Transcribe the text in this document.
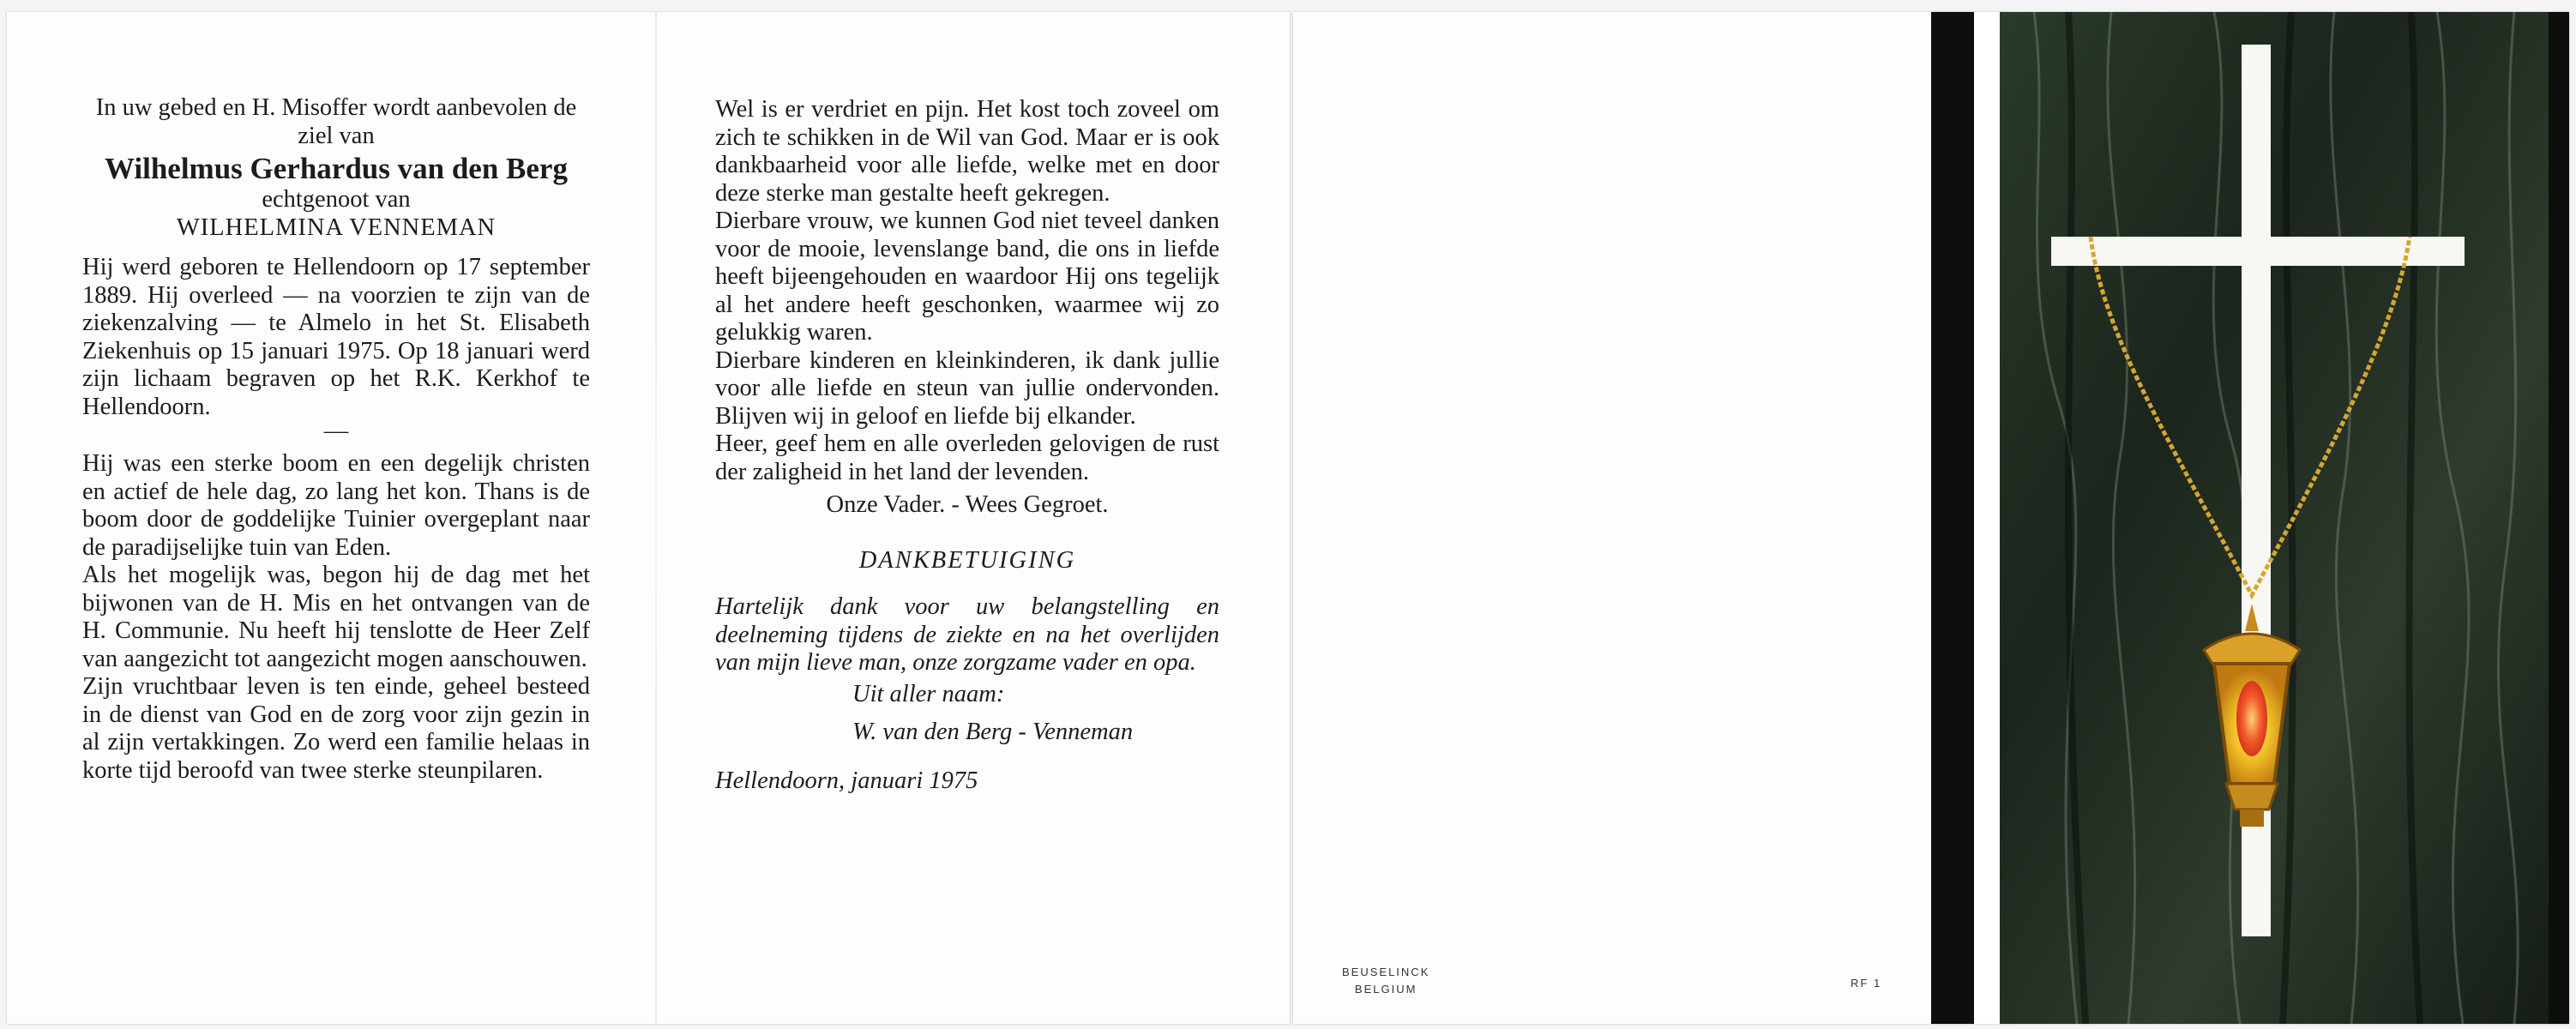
In uw gebed en H. Misoffer wordt aanbevolen de ziel van

Wilhelmus Gerhardus van den Berg

echtgenoot van

WILHELMINA VENNEMAN

Hij werd geboren te Hellendoorn op 17 september 1889. Hij overleed — na voorzien te zijn van de ziekenzalving — te Almelo in het St. Elisabeth Ziekenhuis op 15 januari 1975. Op 18 januari werd zijn lichaam begraven op het R.K. Kerkhof te Hellendoorn.

—

Hij was een sterke boom en een degelijk christen en actief de hele dag, zo lang het kon. Thans is de boom door de goddelijke Tuinier overgeplant naar de paradijselijke tuin van Eden.

Als het mogelijk was, begon hij de dag met het bijwonen van de H. Mis en het ontvangen van de H. Communie. Nu heeft hij tenslotte de Heer Zelf van aangezicht tot aangezicht mogen aanschouwen.

Zijn vruchtbaar leven is ten einde, geheel besteed in de dienst van God en de zorg voor zijn gezin in al zijn vertakkingen. Zo werd een familie helaas in korte tijd beroofd van twee sterke steunpilaren.

Wel is er verdriet en pijn. Het kost toch zoveel om zich te schikken in de Wil van God. Maar er is ook dankbaarheid voor alle liefde, welke met en door deze sterke man gestalte heeft gekregen.

Dierbare vrouw, we kunnen God niet teveel danken voor de mooie, levenslange band, die ons in liefde heeft bijeengehouden en waardoor Hij ons tegelijk al het andere heeft geschonken, waarmee wij zo gelukkig waren.

Dierbare kinderen en kleinkinderen, ik dank jullie voor alle liefde en steun van jullie ondervonden. Blijven wij in geloof en liefde bij elkander.

Heer, geef hem en alle overleden gelovigen de rust der zaligheid in het land der levenden.

Onze Vader. - Wees Gegroet.

DANKBETUIGING

Hartelijk dank voor uw belangstelling en deelneming tijdens de ziekte en na het overlijden van mijn lieve man, onze zorgzame vader en opa.

Uit aller naam:

W. van den Berg - Venneman

Hellendoorn, januari 1975

BEUSELINCK
BELGIUM	RF 1
